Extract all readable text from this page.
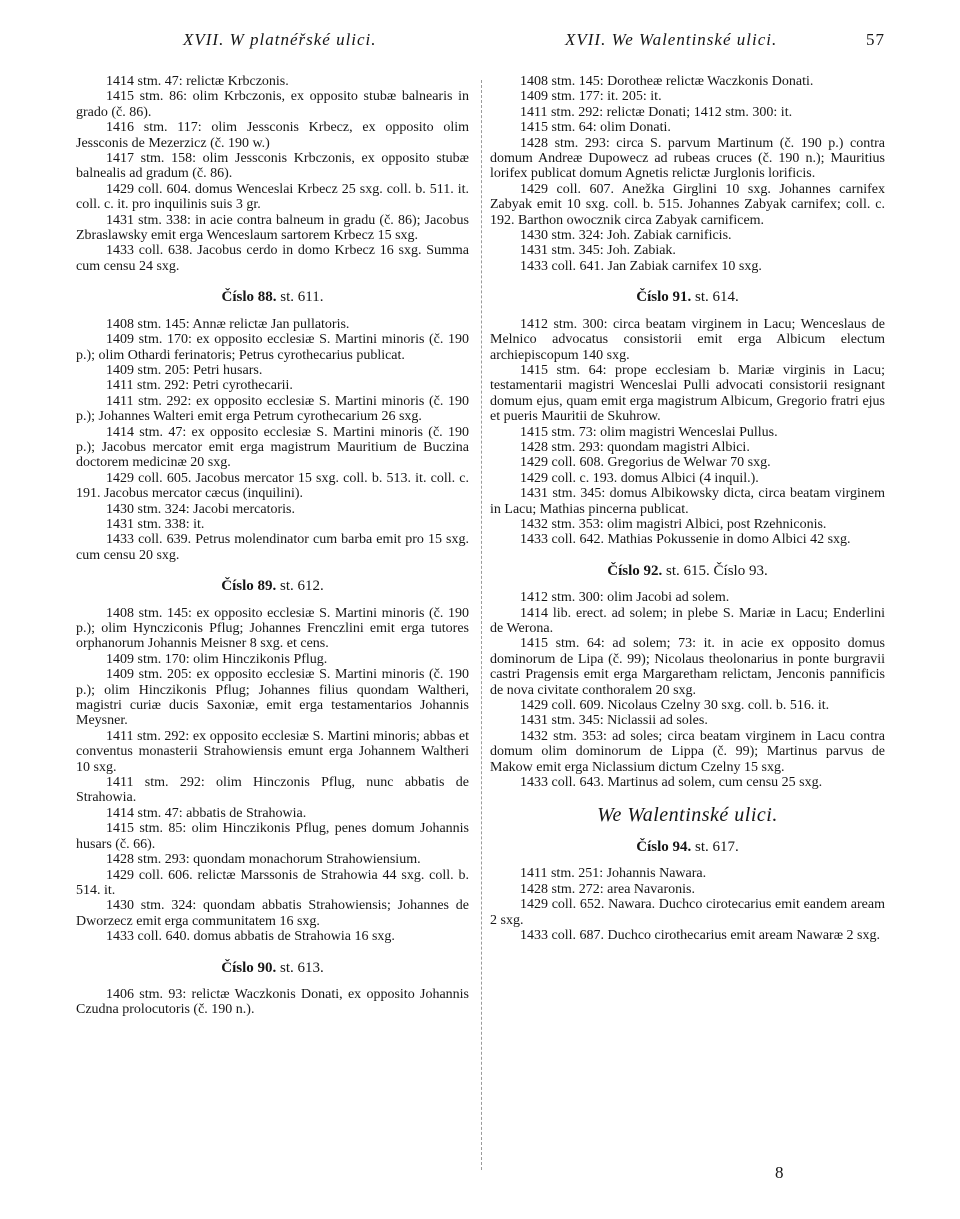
XVII. W platnéřské ulici.	XVII. We Walentinské ulici.	57

1414 stm. 47: relictæ Krbczonis.

1415 stm. 86: olim Krbczonis, ex opposito stubæ balnearis in grado (č. 86).

1416 stm. 117: olim Jessconis Krbecz, ex opposito olim Jessconis de Mezerzicz (č. 190 w.)

1417 stm. 158: olim Jessconis Krbczonis, ex opposito stubæ balnealis ad gradum (č. 86).

1429 coll. 604. domus Wenceslai Krbecz 25 sxg. coll. b. 511. it. coll. c. it. pro inquilinis suis 3 gr.

1431 stm. 338: in acie contra balneum in gradu (č. 86); Jacobus Zbraslawsky emit erga Wenceslaum sartorem Krbecz 15 sxg.

1433 coll. 638. Jacobus cerdo in domo Krbecz 16 sxg. Summa cum censu 24 sxg.

Číslo 88. st. 611.

1408 stm. 145: Annæ relictæ Jan pullatoris.

1409 stm. 170: ex opposito ecclesiæ S. Martini minoris (č. 190 p.); olim Othardi ferinatoris; Petrus cyrothecarius publicat.

1409 stm. 205: Petri husars.

1411 stm. 292: Petri cyrothecarii.

1411 stm. 292: ex opposito ecclesiæ S. Martini minoris (č. 190 p.); Johannes Walteri emit erga Petrum cyrothecarium 26 sxg.

1414 stm. 47: ex opposito ecclesiæ S. Martini minoris (č. 190 p.); Jacobus mercator emit erga magistrum Mauritium de Buczina doctorem medicinæ 20 sxg.

1429 coll. 605. Jacobus mercator 15 sxg. coll. b. 513. it. coll. c. 191. Jacobus mercator cæcus (inquilini).

1430 stm. 324: Jacobi mercatoris.

1431 stm. 338: it.

1433 coll. 639. Petrus molendinator cum barba emit pro 15 sxg. cum censu 20 sxg.

Číslo 89. st. 612.

1408 stm. 145: ex opposito ecclesiæ S. Martini minoris (č. 190 p.); olim Hyncziconis Pflug; Johannes Frenczlini emit erga tutores orphanorum Johannis Meisner 8 sxg. et cens.

1409 stm. 170: olim Hinczikonis Pflug.

1409 stm. 205: ex opposito ecclesiæ S. Martini minoris (č. 190 p.); olim Hinczikonis Pflug; Johannes filius quondam Waltheri, magistri curiæ ducis Saxoniæ, emit erga testamentarios Johannis Meysner.

1411 stm. 292: ex opposito ecclesiæ S. Martini minoris; abbas et conventus monasterii Strahowiensis emunt erga Johannem Waltheri 10 sxg.

1411 stm. 292: olim Hinczonis Pflug, nunc abbatis de Strahowia.

1414 stm. 47: abbatis de Strahowia.

1415 stm. 85: olim Hinczikonis Pflug, penes domum Johannis husars (č. 66).

1428 stm. 293: quondam monachorum Strahowiensium.

1429 coll. 606. relictæ Marssonis de Strahowia 44 sxg. coll. b. 514. it.

1430 stm. 324: quondam abbatis Strahowiensis; Johannes de Dworzecz emit erga communitatem 16 sxg.

1433 coll. 640. domus abbatis de Strahowia 16 sxg.

Číslo 90. st. 613.

1406 stm. 93: relictæ Waczkonis Donati, ex opposito Johannis Czudna prolocutoris (č. 190 n.).

1408 stm. 145: Dorotheæ relictæ Waczkonis Donati.

1409 stm. 177: it. 205: it.

1411 stm. 292: relictæ Donati; 1412 stm. 300: it.

1415 stm. 64: olim Donati.

1428 stm. 293: circa S. parvum Martinum (č. 190 p.) contra domum Andreæ Dupowecz ad rubeas cruces (č. 190 n.); Mauritius lorifex publicat domum Agnetis relictæ Jurglonis lorificis.

1429 coll. 607. Anežka Girglini 10 sxg. Johannes carnifex Zabyak emit 10 sxg. coll. b. 515. Johannes Zabyak carnifex; coll. c. 192. Barthon owocznik circa Zabyak carnificem.

1430 stm. 324: Joh. Zabiak carnificis.

1431 stm. 345: Joh. Zabiak.

1433 coll. 641. Jan Zabiak carnifex 10 sxg.

Číslo 91. st. 614.

1412 stm. 300: circa beatam virginem in Lacu; Wenceslaus de Melnico advocatus consistorii emit erga Albicum electum archiepiscopum 140 sxg.

1415 stm. 64: prope ecclesiam b. Mariæ virginis in Lacu; testamentarii magistri Wenceslai Pulli advocati consistorii resignant domum ejus, quam emit erga magistrum Albicum, Gregorio fratri ejus et pueris Mauritii de Skuhrow.

1415 stm. 73: olim magistri Wenceslai Pullus.

1428 stm. 293: quondam magistri Albici.

1429 coll. 608. Gregorius de Welwar 70 sxg.

1429 coll. c. 193. domus Albici (4 inquil.).

1431 stm. 345: domus Albikowsky dicta, circa beatam virginem in Lacu; Mathias pincerna publicat.

1432 stm. 353: olim magistri Albici, post Rzehniconis.

1433 coll. 642. Mathias Pokussenie in domo Albici 42 sxg.

Číslo 92. st. 615. Číslo 93.

1412 stm. 300: olim Jacobi ad solem.

1414 lib. erect. ad solem; in plebe S. Mariæ in Lacu; Enderlini de Werona.

1415 stm. 64: ad solem; 73: it. in acie ex opposito domus dominorum de Lipa (č. 99); Nicolaus theolonarius in ponte burgravii castri Pragensis emit erga Margaretham relictam, Jenconis pannificis de nova civitate conthoralem 20 sxg.

1429 coll. 609. Nicolaus Czelny 30 sxg. coll. b. 516. it.

1431 stm. 345: Niclassii ad soles.

1432 stm. 353: ad soles; circa beatam virginem in Lacu contra domum olim dominorum de Lippa (č. 99); Martinus parvus de Makow emit erga Niclassium dictum Czelny 15 sxg.

1433 coll. 643. Martinus ad solem, cum censu 25 sxg.

We Walentinské ulici.

Číslo 94. st. 617.

1411 stm. 251: Johannis Nawara.

1428 stm. 272: area Navaronis.

1429 coll. 652. Nawara. Duchco cirotecarius emit eandem aream 2 sxg.

1433 coll. 687. Duchco cirothecarius emit aream Nawaræ 2 sxg.

8
